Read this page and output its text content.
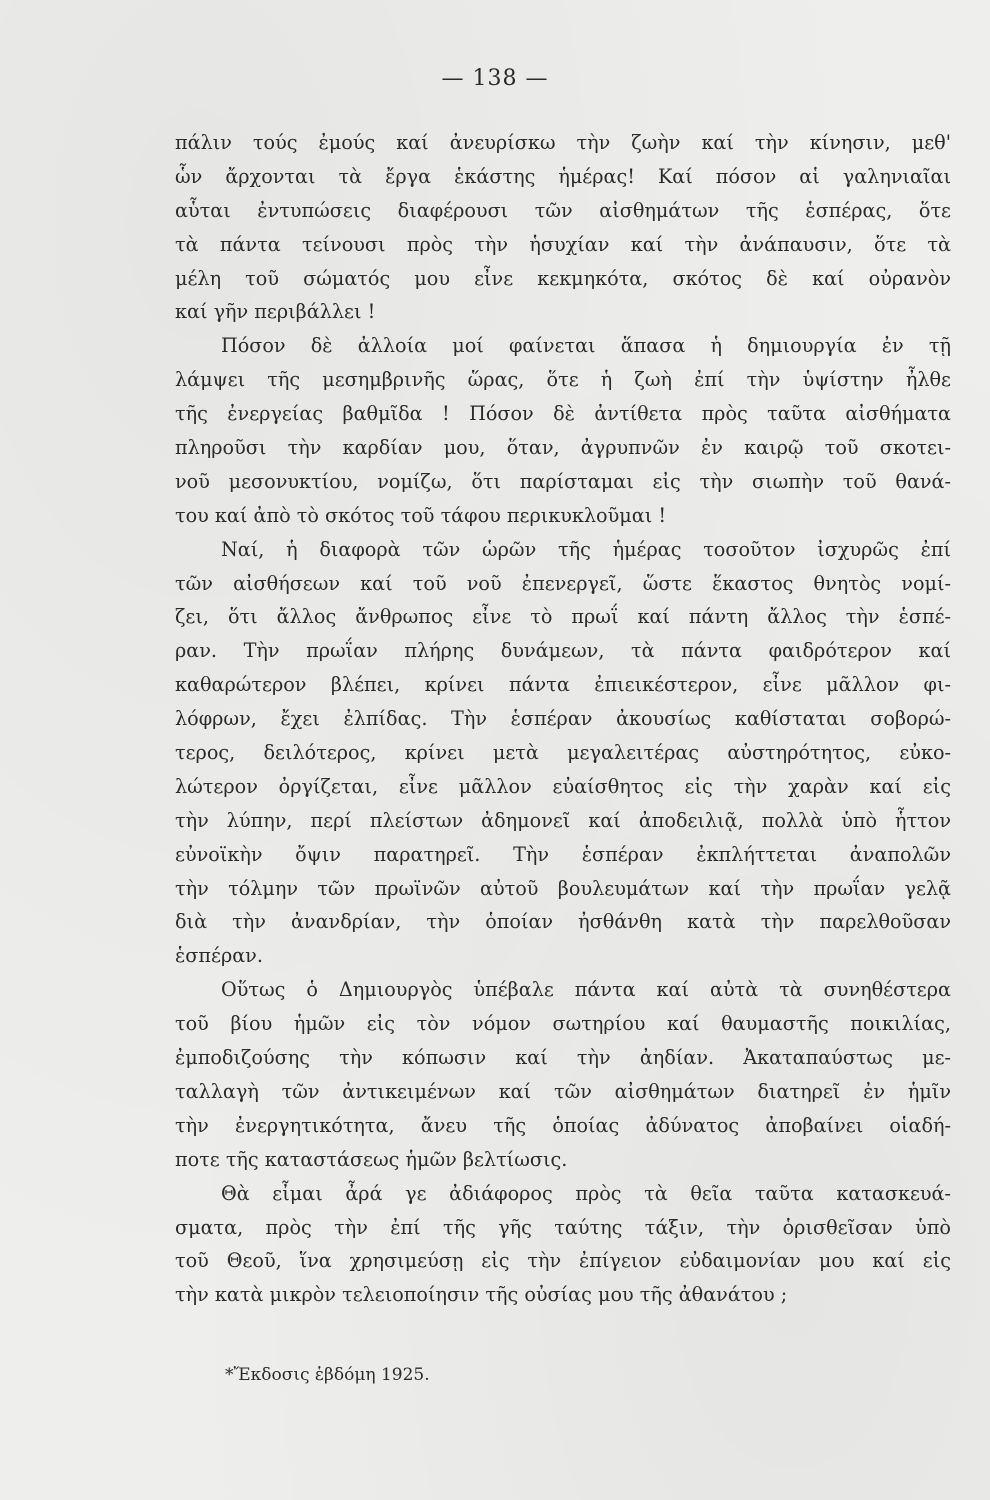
— 138 —
πάλιν τούς ἐμούς καί ἀνευρίσκω τὴν ζωὴν καί τὴν κίνησιν, μεθ'
ὧν ἄρχονται τὰ ἔργα ἑκάστης ἡμέρας! Καί πόσον αἱ γαληνιαῖαι
αὗται ἐντυπώσεις διαφέρουσι τῶν αἰσθημάτων τῆς ἑσπέρας, ὅτε
τὰ πάντα τείνουσι πρὸς τὴν ἡσυχίαν καί τὴν ἀνάπαυσιν, ὅτε τὰ
μέλη τοῦ σώματός μου εἶνε κεκμηκότα, σκότος δὲ καί οὐρανὸν
καί γῆν περιβάλλει !
Πόσον δὲ ἀλλοία μοί φαίνεται ἅπασα ἡ δημιουργία ἐν τῇ
λάμψει τῆς μεσημβρινῆς ὥρας, ὅτε ἡ ζωὴ ἐπί τὴν ὑψίστην ἦλθε
τῆς ἐνεργείας βαθμῖδα ! Πόσον δὲ ἀντίθετα πρὸς ταῦτα αἰσθήματα
πληροῦσι τὴν καρδίαν μου, ὅταν, ἀγρυπνῶν ἐν καιρῷ τοῦ σκοτει-
νοῦ μεσονυκτίου, νομίζω, ὅτι παρίσταμαι εἰς τὴν σιωπὴν τοῦ θανά-
του καί ἀπὸ τὸ σκότος τοῦ τάφου περικυκλοῦμαι !
Ναί, ἡ διαφορὰ τῶν ὡρῶν τῆς ἡμέρας τοσοῦτον ἰσχυρῶς ἐπί
τῶν αἰσθήσεων καί τοῦ νοῦ ἐπενεργεῖ, ὥστε ἕκαστος θνητὸς νομί-
ζει, ὅτι ἄλλος ἄνθρωπος εἶνε τὸ πρωΐ καί πάντη ἄλλος τὴν ἑσπέ-
ραν. Τὴν πρωΐαν πλήρης δυνάμεων, τὰ πάντα φαιδρότερον καί
καθαρώτερον βλέπει, κρίνει πάντα ἐπιεικέστερον, εἶνε μᾶλλον φι-
λόφρων, ἔχει ἐλπίδας. Τὴν ἑσπέραν ἀκουσίως καθίσταται σοβορώ-
τερος, δειλότερος, κρίνει μετὰ μεγαλειτέρας αὐστηρότητος, εὐκο-
λώτερον ὀργίζεται, εἶνε μᾶλλον εὐαίσθητος εἰς τὴν χαρὰν καί εἰς
τὴν λύπην, περί πλείστων ἀδημονεῖ καί ἀποδειλιᾷ, πολλὰ ὑπὸ ἧττον
εὐνοϊκὴν ὄψιν παρατηρεῖ. Τὴν ἑσπέραν ἐκπλήττεται ἀναπολῶν
τὴν τόλμην τῶν πρωϊνῶν αὐτοῦ βουλευμάτων καί τὴν πρωΐαν γελᾷ
διὰ τὴν ἀνανδρίαν, τὴν ὁποίαν ἠσθάνθη κατὰ τὴν παρελθοῦσαν
ἑσπέραν.
Οὕτως ὁ Δημιουργὸς ὑπέβαλε πάντα καί αὐτὰ τὰ συνηθέστερα
τοῦ βίου ἡμῶν εἰς τὸν νόμον σωτηρίου καί θαυμαστῆς ποικιλίας,
ἐμποδιζούσης τὴν κόπωσιν καί τὴν ἀηδίαν. Ἀκαταπαύστως με-
ταλλαγὴ τῶν ἀντικειμένων καί τῶν αἰσθημάτων διατηρεῖ ἐν ἡμῖν
τὴν ἐνεργητικότητα, ἄνευ τῆς ὁποίας ἀδύνατος ἀποβαίνει οἱαδή-
ποτε τῆς καταστάσεως ἡμῶν βελτίωσις.
Θὰ εἶμαι ἆρά γε ἀδιάφορος πρὸς τὰ θεῖα ταῦτα κατασκευά-
σματα, πρὸς τὴν ἐπί τῆς γῆς ταύτης τάξιν, τὴν ὁρισθεῖσαν ὑπὸ
τοῦ Θεοῦ, ἵνα χρησιμεύσῃ εἰς τὴν ἐπίγειον εὐδαιμονίαν μου καί εἰς
τὴν κατὰ μικρὸν τελειοποίησιν τῆς οὐσίας μου τῆς ἀθανάτου ;
*Ἔκδοσις ἑβδόμη 1925.
